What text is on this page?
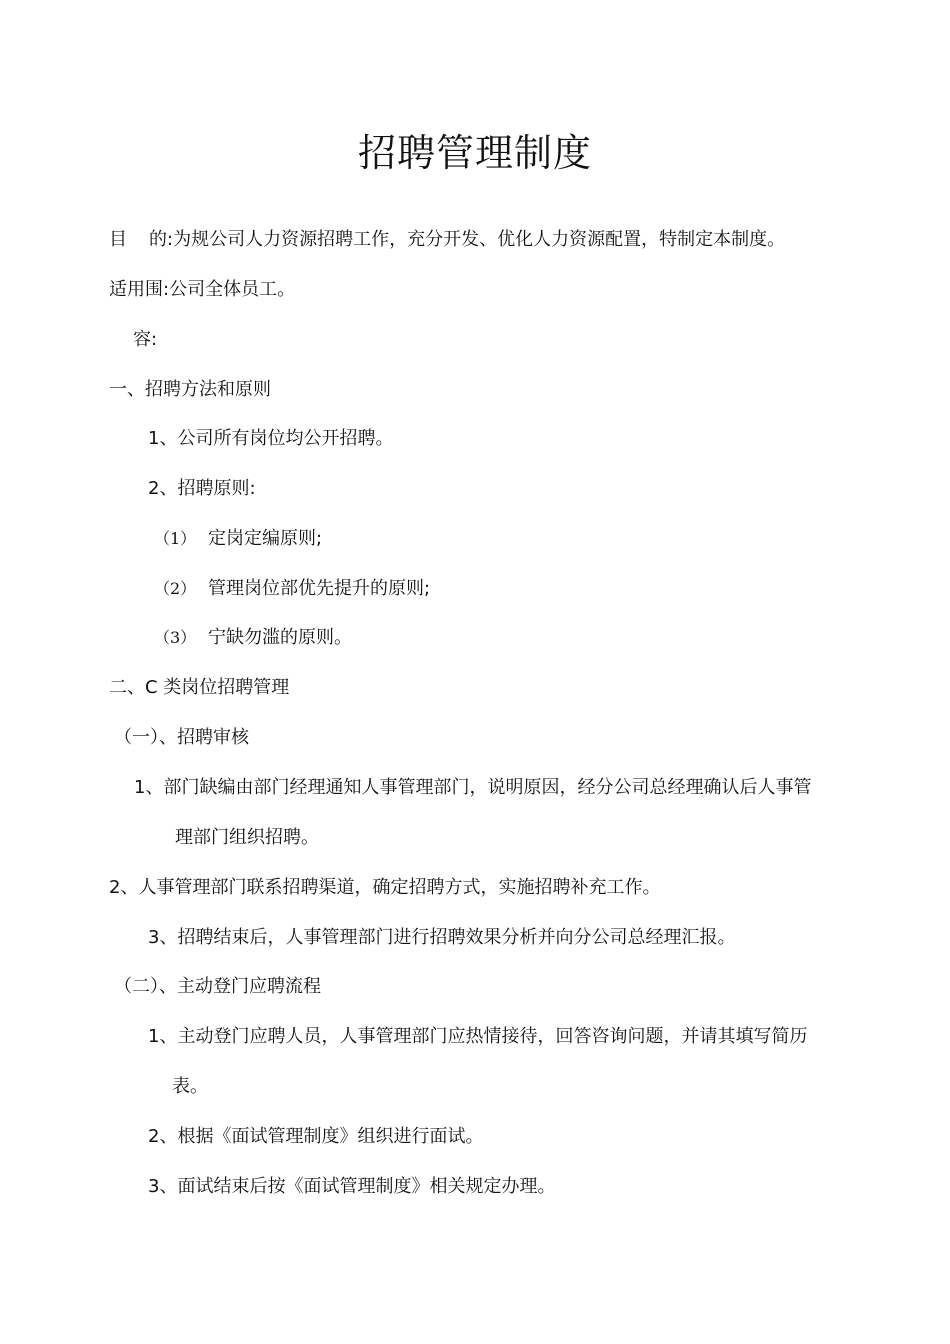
招聘管理制度

目 的:为规公司人力资源招聘工作，充分开发、优化人力资源配置，特制定本制度。

适用围:公司全体员工。

容:

一、招聘方法和原则

1、公司所有岗位均公开招聘。

2、招聘原则:

（1） 定岗定编原则;

（2） 管理岗位部优先提升的原则;

（3） 宁缺勿滥的原则。

二、C 类岗位招聘管理

（一）、招聘审核

1、部门缺编由部门经理通知人事管理部门，说明原因，经分公司总经理确认后人事管

理部门组织招聘。

2、人事管理部门联系招聘渠道，确定招聘方式，实施招聘补充工作。

3、招聘结束后，人事管理部门进行招聘效果分析并向分公司总经理汇报。

（二）、主动登门应聘流程

1、主动登门应聘人员，人事管理部门应热情接待，回答咨询问题，并请其填写简历

表。

2、根据《面试管理制度》组织进行面试。

3、面试结束后按《面试管理制度》相关规定办理。
